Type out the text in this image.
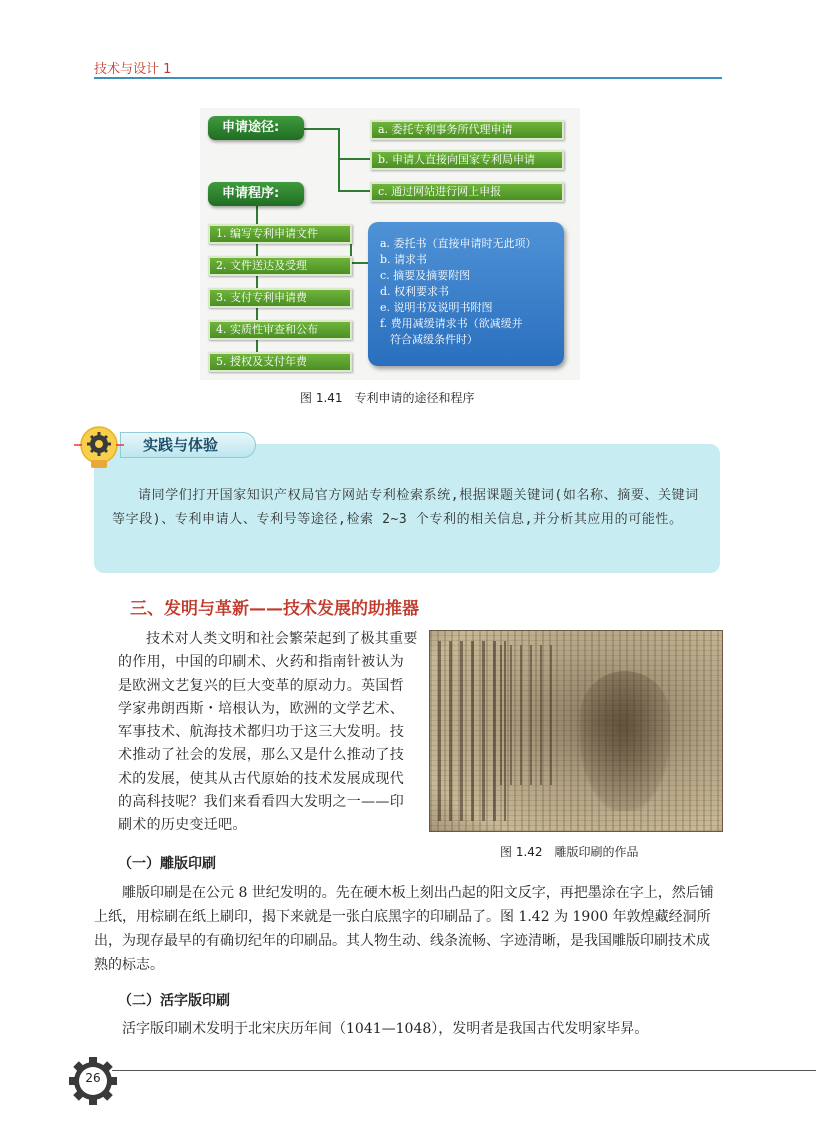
技术与设计 1
申请途径:	a. 委托专利事务所代理申请
b. 申请人直接向国家专利局申请
c. 通过网站进行网上申报
申请程序:
1. 编写专利申请文件
2. 文件送达及受理
3. 支付专利申请费
4. 实质性审查和公布
5. 授权及支付年费
a. 委托书（直接申请时无此项）
b. 请求书
c. 摘要及摘要附图
d. 权利要求书
e. 说明书及说明书附图
f. 费用减缓请求书（欲减缓并
符合减缓条件时）
图 1.41　专利申请的途径和程序
实践与体验
请同学们打开国家知识产权局官方网站专利检索系统,根据课题关键词(如名称、摘要、关键词等字段)、专利申请人、专利号等途径,检索 2~3 个专利的相关信息,并分析其应用的可能性。
三、发明与革新——技术发展的助推器

技术对人类文明和社会繁荣起到了极其重要的作用，中国的印刷术、火药和指南针被认为是欧洲文艺复兴的巨大变革的原动力。英国哲学家弗朗西斯・培根认为，欧洲的文学艺术、军事技术、航海技术都归功于这三大发明。技术推动了社会的发展，那么又是什么推动了技术的发展，使其从古代原始的技术发展成现代的高科技呢？我们来看看四大发明之一——印刷术的历史变迁吧。

图 1.42　雕版印刷的作品
（一）雕版印刷
雕版印刷是在公元 8 世纪发明的。先在硬木板上刻出凸起的阳文反字，再把墨涂在字上，然后铺上纸，用棕刷在纸上刷印，揭下来就是一张白底黑字的印刷品了。图 1.42 为 1900 年敦煌藏经洞所出，为现存最早的有确切纪年的印刷品。其人物生动、线条流畅、字迹清晰，是我国雕版印刷技术成熟的标志。
（二）活字版印刷
活字版印刷术发明于北宋庆历年间（1041—1048），发明者是我国古代发明家毕昇。
26
